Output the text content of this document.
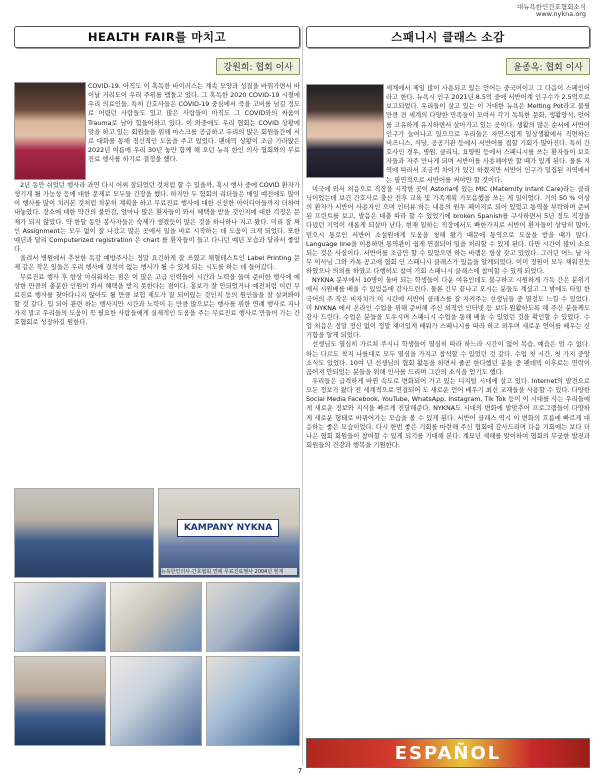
대뉴욕한인간호협회소식
www.nykna.org
HEALTH FAIR를 마치고
강원희: 협회 이사

COVID-19. 아직도 이 혹독한 바이러스는 계속 모양과 성질을 바꿔가면서 바이날 거리도이 우리 주위를 맴돌고 있다. 그 혹독한 2020 COVID-19 시절에 우리 의료인들, 특히 간호사들은 COVID-19 중심에서 죽을 고비를 넘길 정도로 어렸던 사람들도 있고 많은 사람들이 아직도 그 COVID와의 싸움이 Trauma로 남아 힘들어하고 있다. 이 와중에도 우리 협회는 COVID 상황에 맞을 하고 있는 회원들을 위해 마스크를 공급하고 우리의 많은 회원들간에 서로 대화를 통해 정신적인 도움을 주고 있었다. 팬데믹 상황이 조금 가라앉은 2022년 여름에 우리 30년 놓만 함께 해 오던 뉴욕 한인 의사 협회와의 무료진료 행사를 하기로 결정을 했다.

2년 동안 쉬었던 행사라 과연 다시 어찌 잘되었던 것처럼 할 수 있을까, 혹시 행사 중에 COVID 환자가 생기게 될 가능성 등에 대한 문제로 모두들 긴장을 했다. 하지만 두 협회의 리더들은 매일 예전에도 많이 이 행사를 많이 치러본 것처럼 차분히 계획을 하고 무료진료 행사에 대한 신선한 아이디어들까지 더하여 내놓았다. 장소에 대한 약간의 불안감, 얼마나 많은 환자들이 와서 혜택을 받을 것인지에 대한 걱정은 문제가 되지 않았다. 약 한달 동안 봉사자들은 숙제가 생겼듯이 많은 것을 하나하나 지고 왔다. 미리 잘 짜인 Assignment는 모두 없이 잘 나갔고 많은 곳에서 일을 바로 시작하는 데 도움이 크게 되었다. 또한 예년과 달리 Computerized registration 은 chart 를 환자들이 들고 다니던 예년 모습과 달라서 좋았다.

울려서 병원에서 추천한 독감 예방주사는 정말 요긴하게 잘 쓰였고 채혈테스트인 Label Printing 문제 같은 작은 일들은 우리 행사에 결석이 없는 행사가 될 수 있게 되는 시도를 하는 데 들어갔다.

무료진료 행사 후 항상 아쉬워하는 점은 이 많은 고급 인력들이 시간과 노력을 들여 준비한 행사에 예상한 만큼의 충분한 인원이 와서 혜택을 받지 못한다는 점이다. 홍보가 잘 안되었거나 예전처럼 이런 무료진료 행사를 찾아다니지 않아도 될 만큼 보험 제도가 잘 되어있는 것인지 등의 원인들을 잘 살펴봐야 할 것 같다. 입 되어 관련 하는 행사지만 시간과 노력이 든 만큼 많으로는 행사를 위한 연례 행사로 지나가지 말고 우리들의 도움이 꼭 필요한 사람들에게 실제적인 도움을 주는 무료진료 행사로 만들어 가는 간호협회로 성장하길 원한다.

KAMPANY NYKNA
뉴욕한인의사-간호협회 연례 무료진료행사 2004년 현재
스패니시 클래스 소감
윤종옥: 협회 이사

세계에서 제일 많이 사용되고 있는 언어는 중국어이고 그 다음이 스페인어라고 한다. 뉴욕시 인구 2021년 8.5억 중에 서반어계 인구수가 2.5억으로 보고되었다. 우리들이 살고 있는 이 거대한 뉴욕은 Melting Pot라고 불릴 만큼 전 세계의 다양한 민족들이 모여서 각기 독특한 문화, 생활양식, 언어를 고유하게 유지하면서 살아가고 있는 곳이다. 생활의 많은 순서에 서반어 인구가 늘어나고 있으므로 우리들은 자연스럽게 일상생활에서 직면하는 비즈니스, 식당, 공공기관 등에서 서반어를 접할 기회가 많아진다. 특히 간호사인 경우, 병원, 클리닉, 요양원 등에서 스패니시를 쓰는 환자들이 보호자들과 자주 만나게 되며 서반어를 사용해야만 할 때가 있게 된다. 물론 지역에 따라서 조금씩 차이가 있긴 하겠지만 서반어 인구가 밀집된 지역에서는 필연적으로 서반어를 써야만 할 것이다.

미국에 와서 처음으로 직장을 시작한 곳이 Astoria에 있는 MIC (Maternity Infant Care)라는 클리닉이었는데 보건 간호사로 출산 전후 교육 및 가족계획 가모음했을 쓰는 게 일이었다. 거의 50 % 이상의 환자가 서반어 사용자인 으며 인터뷰 하는 내용의 원투 페이지로 되어 있었고 통역을 부탁하며 준비된 프린트를 보고, 발음은 대충 따라 할 수 있었기에 broken Spanish를 구사하면서 5년 정도 직장을 다녔던 기억이 새롭게 되살아 난다. 현재 일하는 직장에서도 빠한가지로 서반어 환자들이 상당히 많아, 믿으시 통로인 서반어 소설원에게 도움을 청해 왔기 때문에 통역으로 도움을 받을 때가 많다. Language line을 이용하면 통역관이 쉽게 연결되어 일을 처리할 수 있게 된다. 다만 시간이 많이 소요되는 것은 사실이다. 서반어를 조금만 할 수 있었으면 하는 바램은 항상 갖고 있었다. 그러던 어느 날 사무 이사님 그와 카톡 공고에 협회 인 스패니시 클래스가 있음을 알게되었다. 이미 정원이 모두 채워진듯하였으나 의외를 하였고 다행히도 참여 기회 스패니시 클래스에 참여할 수 있게 되었다.

NYKNA 분부에서 10명이 둘버 되는 학생들이 다운 여유인데도 불구하고 시원하게 가득 간은 분위기에서 시원배를 배울 수 있었음에 감사드린다. 물론 긴무 끝나고 오시는 분들도 계셨고 그 밖에도 타일 한국어의 주 작은 비자치가 이 시간에 서반어 클래스를 잘 지켜주는 선생님들 중 열정도 느낄 수 있었다. 미 NYKNA 에서 온라인 수업을 위해 준비해 주신 외적인 인터넷 등 보다 원활하도록 해 주신 분들께도 감사 드린다. 수업은 분들을 도우시며 스패니시 수업을 통해 배울 수 있었던 것을 확인할 수 있었다. 수업 처음은 정말 정신 없이 정말 재미있게 배워가 스패니시를 따라 하고 외우며 새로운 언어를 배우는 신기함을 알게 되었다.

선생님도 열심히 가르쳐 주시니 학생들이 열심히 따라 하느라 시간이 없어 복습, 예습은 엄 수 없다. 하는 다르도 착지 나를대로 모두 열심을 가지고 참석할 수 있었던 것 같다. 수업 첫 시간, 첫 가지 중앙 소식도 있었다. 10여 년 선생님의 협회 활동을 하면서 줄곧 한다했던 분들 중 팬데믹 이후로는 연락이 끊어져 안되었는 분들을 위해 인사를 드리며 그간의 소식을 얻기도 했다.

우리들은 급격하게 바뀐 속도로 변화되어 가고 있는 디지털 시대에 살고 있다. Internet의 발전으로 모든 정보가 왔다 전 세계적으로 연결되어 도 새로운 언어 배우기 최신 교재들을 사용할 수 있다. 다양한 Social Media Facebook, YouTube, WhatsApp, Instagram, Tik Tok 등이 이 시대를 사는 우리들에게 새로운 정보와 지식을 빠르게 전달해준다. NYKNA도 시대의 변화에 발맞추어 프로그램들이 다양하게 새로운 형태로 바뀌어가는 모습을 볼 수 있게 된다. 서반어 클래스 역시 이 변화의 흐름에 빠르게 대응하는 좋은 모습이었다. 다시 한번 좋은 기회를 마련해 주신 협회에 감사드리며 다음 기회에는 보다 더 나은 협회 회원들이 참여할 수 있게 되기를 기대해 본다. 계묘년 새해를 맞이하여 협회의 무궁한 발전과 회원들의 건강과 행복을 기원한다.

ESPAÑOL
7
